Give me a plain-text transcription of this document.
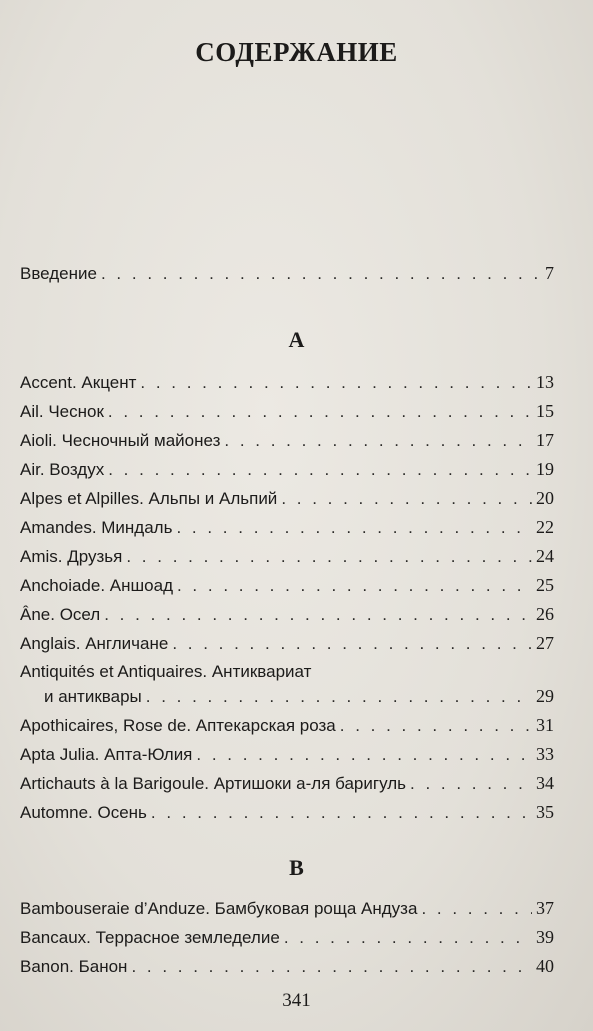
СОДЕРЖАНИЕ
Введение . . .	7
A
Accent. Акцент . . .	13
Ail. Чеснок . . .	15
Aioli. Чесночный майонез . . .	17
Air. Воздух . . .	19
Alpes et Alpilles. Альпы и Альпий . . .	20
Amandes. Миндаль . . .	22
Amis. Друзья . . .	24
Anchoiade. Аншоад . . .	25
Âne. Осел . . .	26
Anglais. Англичане . . .	27
Antiquités et Antiquaires. Антиквариат
и антиквары . . .	29
Apothicaires, Rose de. Аптекарская роза . . .	31
Apta Julia. Апта-Юлия . . .	33
Artichauts à la Barigoule. Артишоки а-ля баригуль . . .	34
Automne. Осень . . .	35
B
Bambouseraie d’Anduze. Бамбуковая роща Андуза . . .	37
Bancaux. Террасное земледелие . . .	39
Banon. Банон . . .	40
341
